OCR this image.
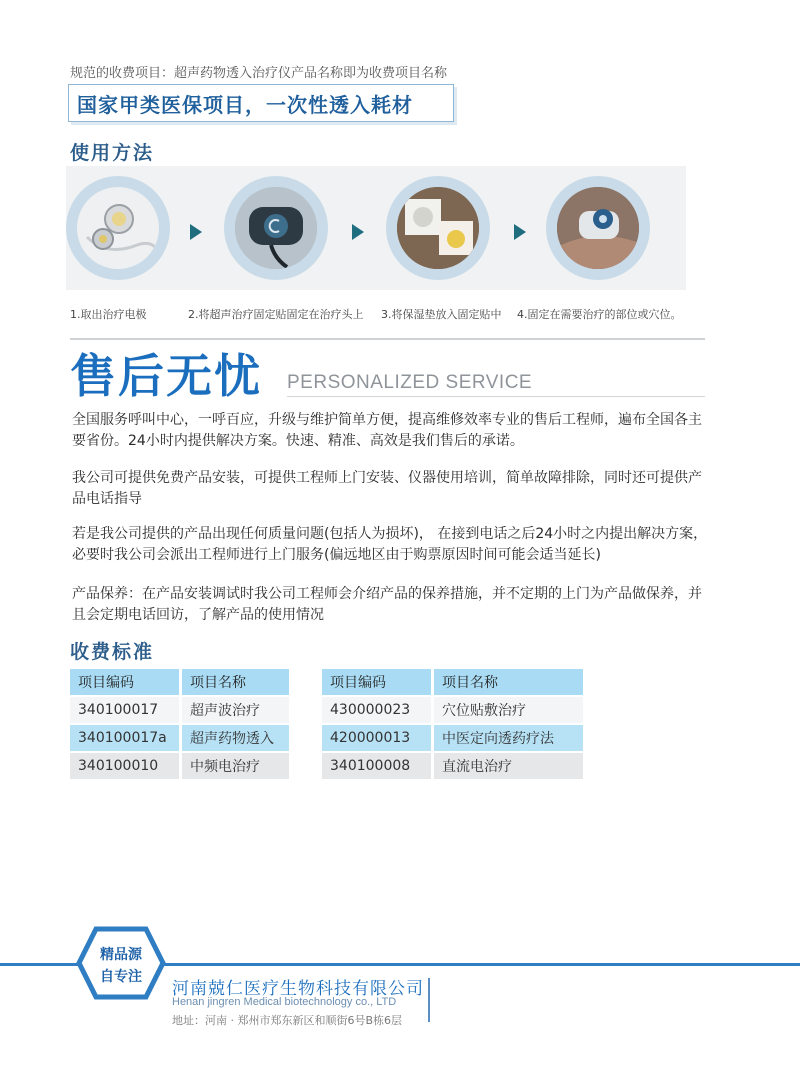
规范的收费项目：超声药物透入治疗仪产品名称即为收费项目名称
国家甲类医保项目，一次性透入耗材
使用方法
1.取出治疗电极	2.将超声治疗固定贴固定在治疗头上 3.将保湿垫放入固定贴中 4.固定在需要治疗的部位或穴位。
售后无忧 PERSONALIZED SERVICE

全国服务呼叫中心，一呼百应，升级与维护简单方便，提高维修效率专业的售后工程师，遍布全国各主要省份。24小时内提供解决方案。快速、精准、高效是我们售后的承诺。

我公司可提供免费产品安装，可提供工程师上门安装、仪器使用培训，简单故障排除，同时还可提供产品电话指导

若是我公司提供的产品出现任何质量问题(包括人为损坏)， 在接到电话之后24小时之内提出解决方案，必要时我公司会派出工程师进行上门服务(偏远地区由于购票原因时间可能会适当延长)

产品保养：在产品安装调试时我公司工程师会介绍产品的保养措施，并不定期的上门为产品做保养，并且会定期电话回访，了解产品的使用情况

收费标准
项目编码	项目名称
340100017	超声波治疗
340100017a	超声药物透入
340100010	中频电治疗
项目编码	项目名称
430000023	穴位贴敷治疗
420000013	中医定向透药疗法
340100008	直流电治疗
精品源
自专注
河南兢仁医疗生物科技有限公司
Henan jingren Medical biotechnology co., LTD
地址：河南 · 郑州市郑东新区和顺街6号B栋6层
